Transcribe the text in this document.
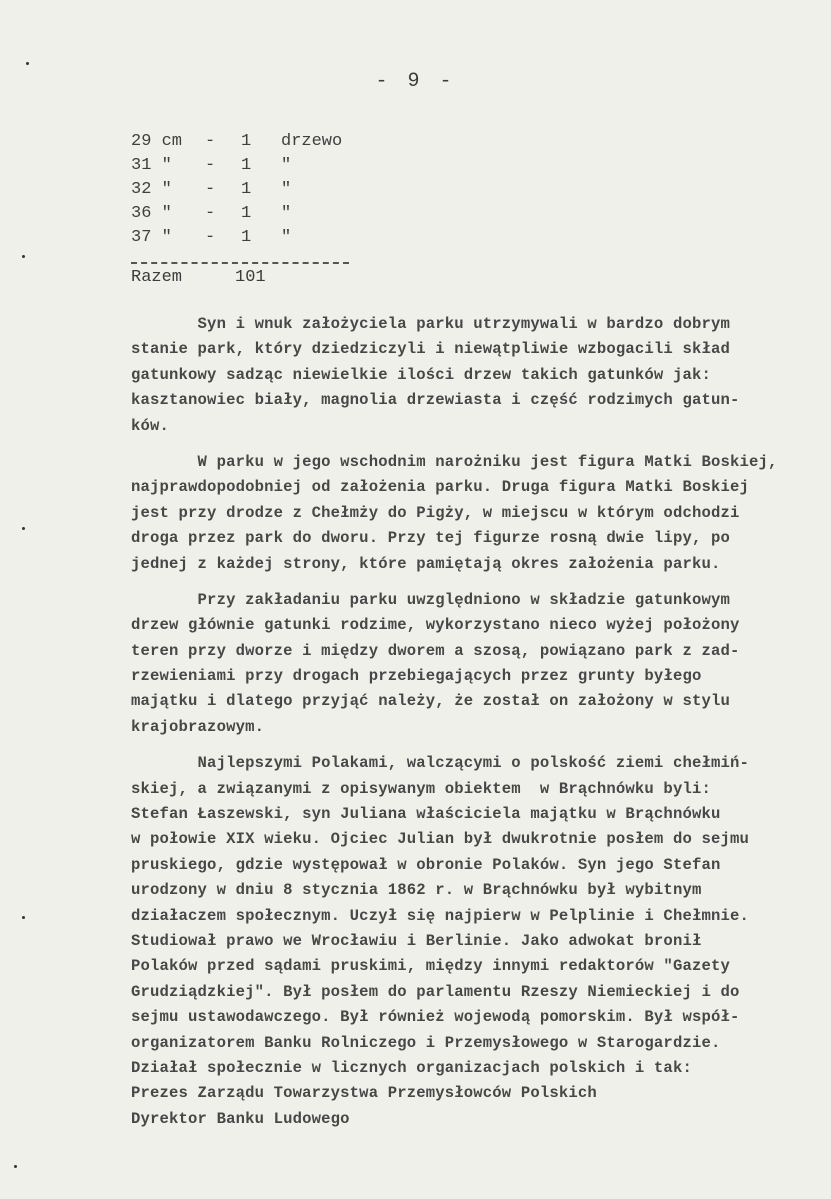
- 9 -

29 cm

-

1

drzewo

31 "

-

1

"

32 "

-

1

"

36 "

-

1

"

37 "

-

1

"

Razem

	101

Syn i wnuk założyciela parku utrzymywali w bardzo dobrym
stanie park, który dziedziczyli i niewątpliwie wzbogacili skład
gatunkowy sadząc niewielkie ilości drzew takich gatunków jak:
kasztanowiec biały, magnolia drzewiasta i część rodzimych gatun-
ków.
W parku w jego wschodnim narożniku jest figura Matki Boskiej,
najprawdopodobniej od założenia parku. Druga figura Matki Boskiej
jest przy drodze z Chełmży do Pigży, w miejscu w którym odchodzi
droga przez park do dworu. Przy tej figurze rosną dwie lipy, po
jednej z każdej strony, które pamiętają okres założenia parku.
Przy zakładaniu parku uwzględniono w składzie gatunkowym
drzew głównie gatunki rodzime, wykorzystano nieco wyżej położony
teren przy dworze i między dworem a szosą, powiązano park z zad-
rzewieniami przy drogach przebiegających przez grunty byłego
majątku i dlatego przyjąć należy, że został on założony w stylu
krajobrazowym.
Najlepszymi Polakami, walczącymi o polskość ziemi chełmiń-
skiej, a związanymi z opisywanym obiektem  w Brąchnówku byli:
Stefan Łaszewski, syn Juliana właściciela majątku w Brąchnówku
w połowie XIX wieku. Ojciec Julian był dwukrotnie posłem do sejmu
pruskiego, gdzie występował w obronie Polaków. Syn jego Stefan
urodzony w dniu 8 stycznia 1862 r. w Brąchnówku był wybitnym
działaczem społecznym. Uczył się najpierw w Pelplinie i Chełmnie.
Studiował prawo we Wrocławiu i Berlinie. Jako adwokat bronił
Polaków przed sądami pruskimi, między innymi redaktorów "Gazety
Grudziądzkiej". Był posłem do parlamentu Rzeszy Niemieckiej i do
sejmu ustawodawczego. Był również wojewodą pomorskim. Był współ-
organizatorem Banku Rolniczego i Przemysłowego w Starogardzie.
Działał społecznie w licznych organizacjach polskich i tak:
Prezes Zarządu Towarzystwa Przemysłowców Polskich
Dyrektor Banku Ludowego
